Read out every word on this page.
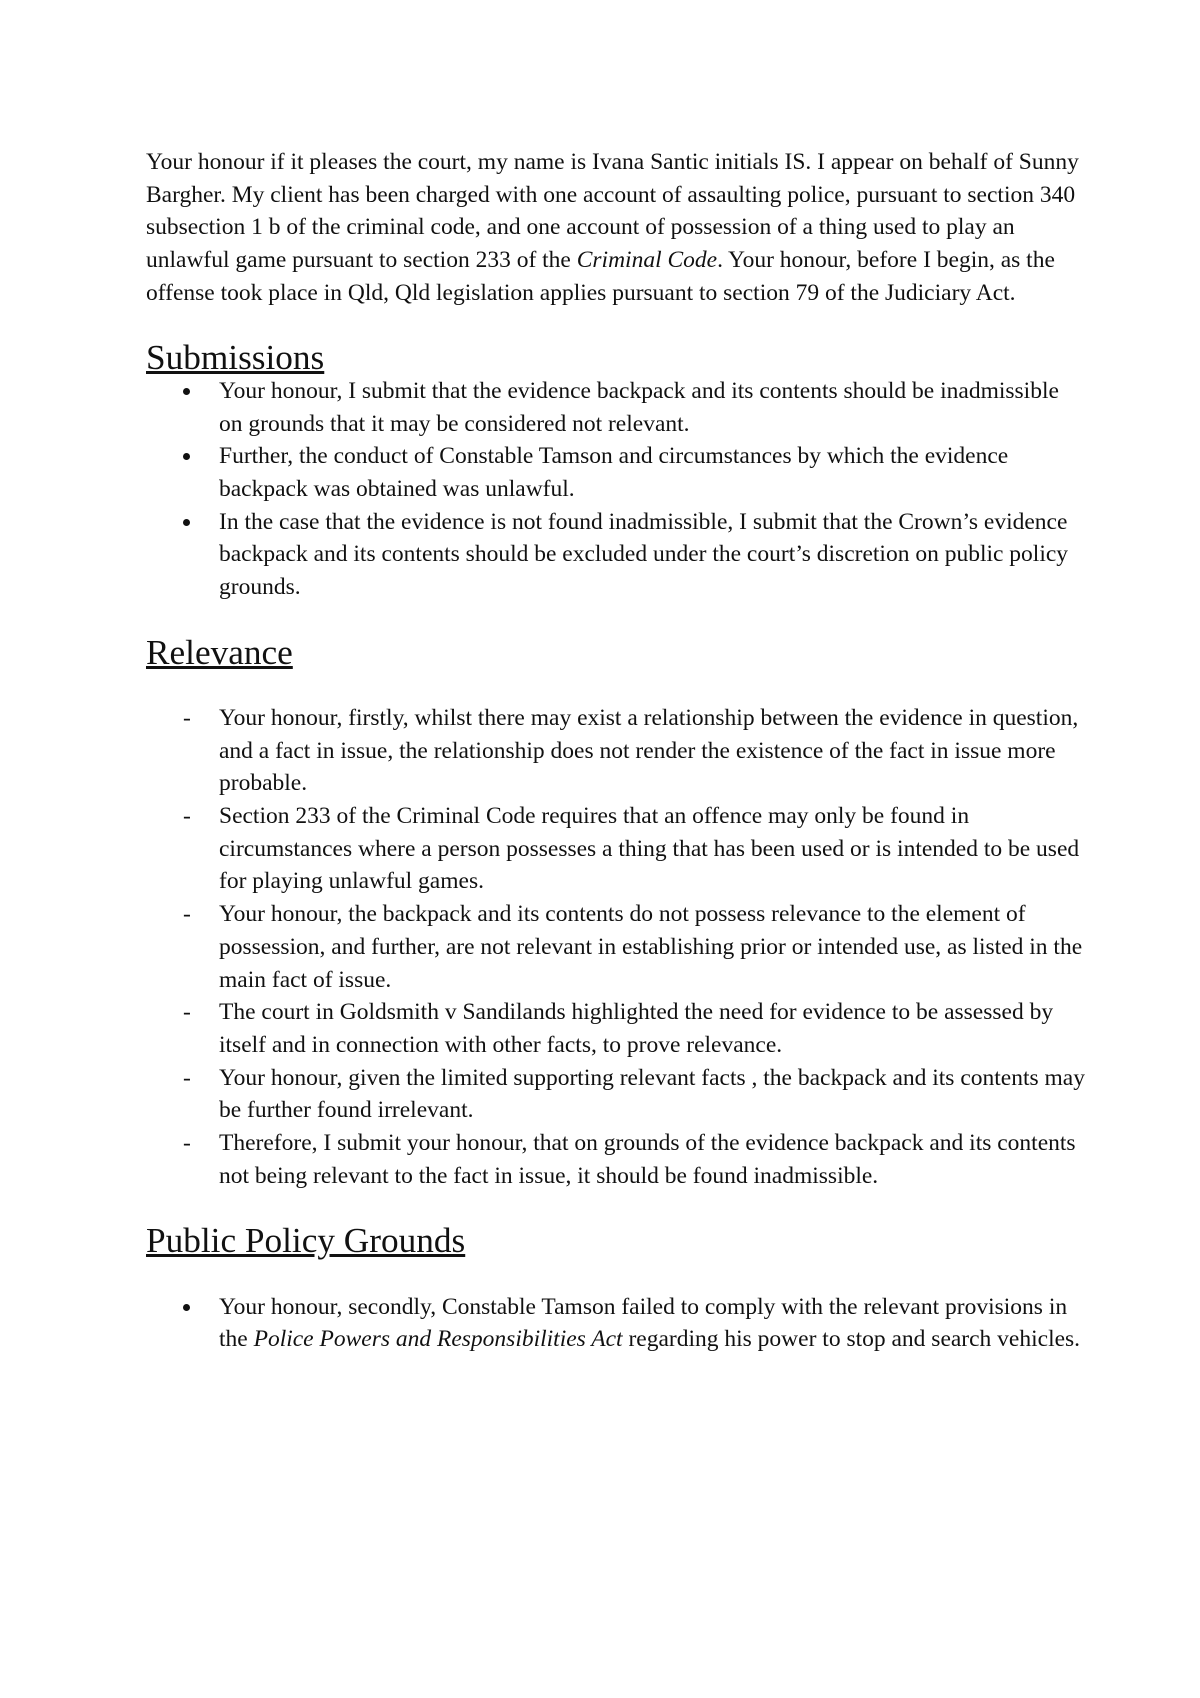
Your honour if it pleases the court, my name is Ivana Santic initials IS. I appear on behalf of Sunny Bargher. My client has been charged with one account of assaulting police, pursuant to section 340 subsection 1 b of the criminal code, and one account of possession of a thing used to play an unlawful game pursuant to section 233 of the Criminal Code. Your honour, before I begin, as the offense took place in Qld, Qld legislation applies pursuant to section 79 of the Judiciary Act.

Submissions
Your honour, I submit that the evidence backpack and its contents should be inadmissible on grounds that it may be considered not relevant.
Further, the conduct of Constable Tamson and circumstances by which the evidence backpack was obtained was unlawful.
In the case that the evidence is not found inadmissible, I submit that the Crown’s evidence backpack and its contents should be excluded under the court’s discretion on public policy grounds.
Relevance
-	Your honour, firstly, whilst there may exist a relationship between the evidence in question, and a fact in issue, the relationship does not render the existence of the fact in issue more probable.
-	Section 233 of the Criminal Code requires that an offence may only be found in circumstances where a person possesses a thing that has been used or is intended to be used for playing unlawful games.
-	Your honour, the backpack and its contents do not possess relevance to the element of possession, and further, are not relevant in establishing prior or intended use, as listed in the main fact of issue.
-	The court in Goldsmith v Sandilands highlighted the need for evidence to be assessed by itself and in connection with other facts, to prove relevance.
-	Your honour, given the limited supporting relevant facts , the backpack and its contents may be further found irrelevant.
-	Therefore, I submit your honour, that on grounds of the evidence backpack and its contents not being relevant to the fact in issue, it should be found inadmissible.
Public Policy Grounds
Your honour, secondly, Constable Tamson failed to comply with the relevant provisions in the Police Powers and Responsibilities Act regarding his power to stop and search vehicles.
